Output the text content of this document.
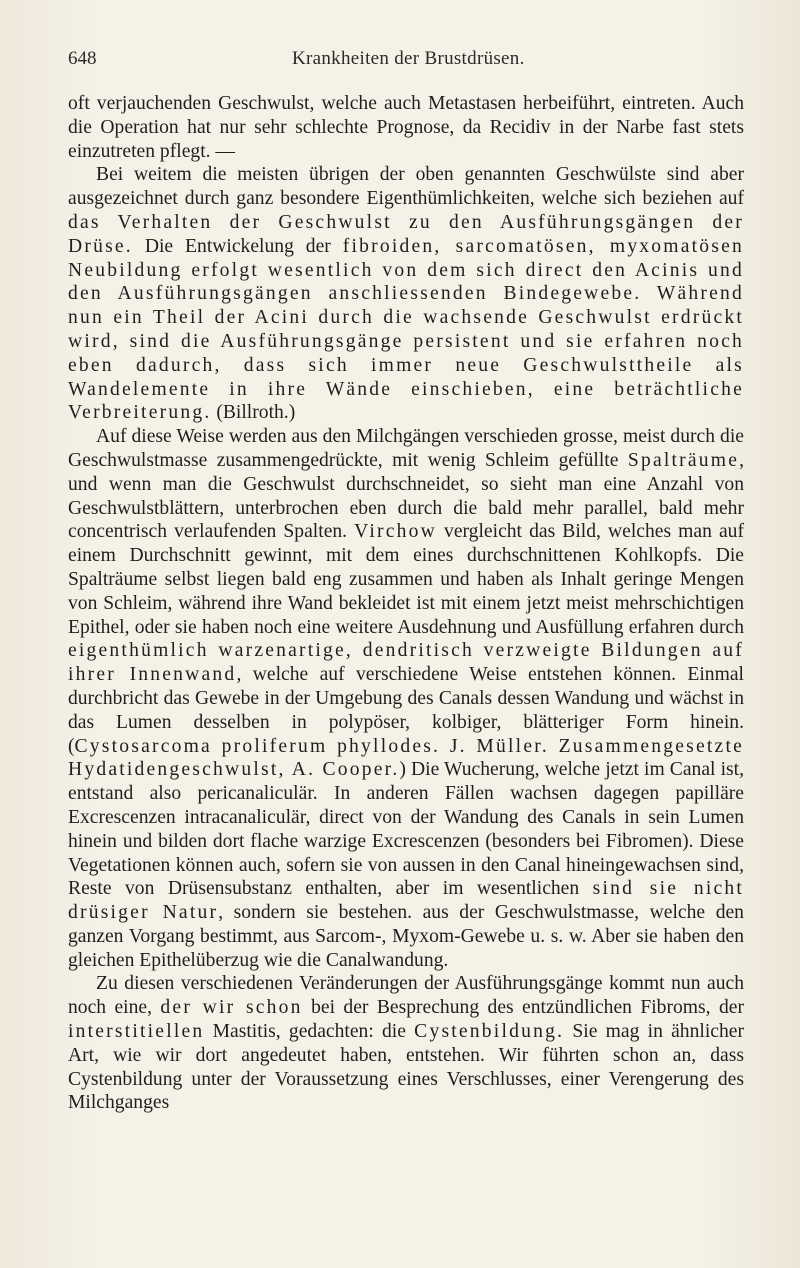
648	Krankheiten der Brustdrüsen.

oft verjauchenden Geschwulst, welche auch Metastasen herbeiführt, eintreten. Auch die Operation hat nur sehr schlechte Prognose, da Recidiv in der Narbe fast stets einzutreten pflegt. —

Bei weitem die meisten übrigen der oben genannten Geschwülste sind aber ausgezeichnet durch ganz besondere Eigenthümlichkeiten, welche sich beziehen auf das Verhalten der Geschwulst zu den Ausführungsgängen der Drüse. Die Entwickelung der fibroiden, sarcomatösen, myxomatösen Neubildung erfolgt wesentlich von dem sich direct den Acinis und den Ausführungsgängen anschliessenden Bindegewebe. Während nun ein Theil der Acini durch die wachsende Geschwulst erdrückt wird, sind die Ausführungsgänge persistent und sie erfahren noch eben dadurch, dass sich immer neue Geschwulsttheile als Wandelemente in ihre Wände einschieben, eine beträchtliche Verbreiterung. (Billroth.)

Auf diese Weise werden aus den Milchgängen verschieden grosse, meist durch die Geschwulstmasse zusammengedrückte, mit wenig Schleim gefüllte Spalträume, und wenn man die Geschwulst durchschneidet, so sieht man eine Anzahl von Geschwulstblättern, unterbrochen eben durch die bald mehr parallel, bald mehr concentrisch verlaufenden Spalten. Virchow vergleicht das Bild, welches man auf einem Durchschnitt gewinnt, mit dem eines durchschnittenen Kohlkopfs. Die Spalträume selbst liegen bald eng zusammen und haben als Inhalt geringe Mengen von Schleim, während ihre Wand bekleidet ist mit einem jetzt meist mehrschichtigen Epithel, oder sie haben noch eine weitere Ausdehnung und Ausfüllung erfahren durch eigenthümlich warzenartige, dendritisch verzweigte Bildungen auf ihrer Innenwand, welche auf verschiedene Weise entstehen können. Einmal durchbricht das Gewebe in der Umgebung des Canals dessen Wandung und wächst in das Lumen desselben in polypöser, kolbiger, blätteriger Form hinein. (Cystosarcoma proliferum phyllodes. J. Müller. Zusammengesetzte Hydatidengeschwulst, A. Cooper.) Die Wucherung, welche jetzt im Canal ist, entstand also pericanaliculär. In anderen Fällen wachsen dagegen papilläre Excrescenzen intracanaliculär, direct von der Wandung des Canals in sein Lumen hinein und bilden dort flache warzige Excrescenzen (besonders bei Fibromen). Diese Vegetationen können auch, sofern sie von aussen in den Canal hineingewachsen sind, Reste von Drüsensubstanz enthalten, aber im wesentlichen sind sie nicht drüsiger Natur, sondern sie bestehen. aus der Geschwulstmasse, welche den ganzen Vorgang bestimmt, aus Sarcom-, Myxom-Gewebe u. s. w. Aber sie haben den gleichen Epithelüberzug wie die Canalwandung.

Zu diesen verschiedenen Veränderungen der Ausführungsgänge kommt nun auch noch eine, der wir schon bei der Besprechung des entzündlichen Fibroms, der interstitiellen Mastitis, gedachten: die Cystenbildung. Sie mag in ähnlicher Art, wie wir dort angedeutet haben, entstehen. Wir führten schon an, dass Cystenbildung unter der Voraussetzung eines Verschlusses, einer Verengerung des Milchganges
